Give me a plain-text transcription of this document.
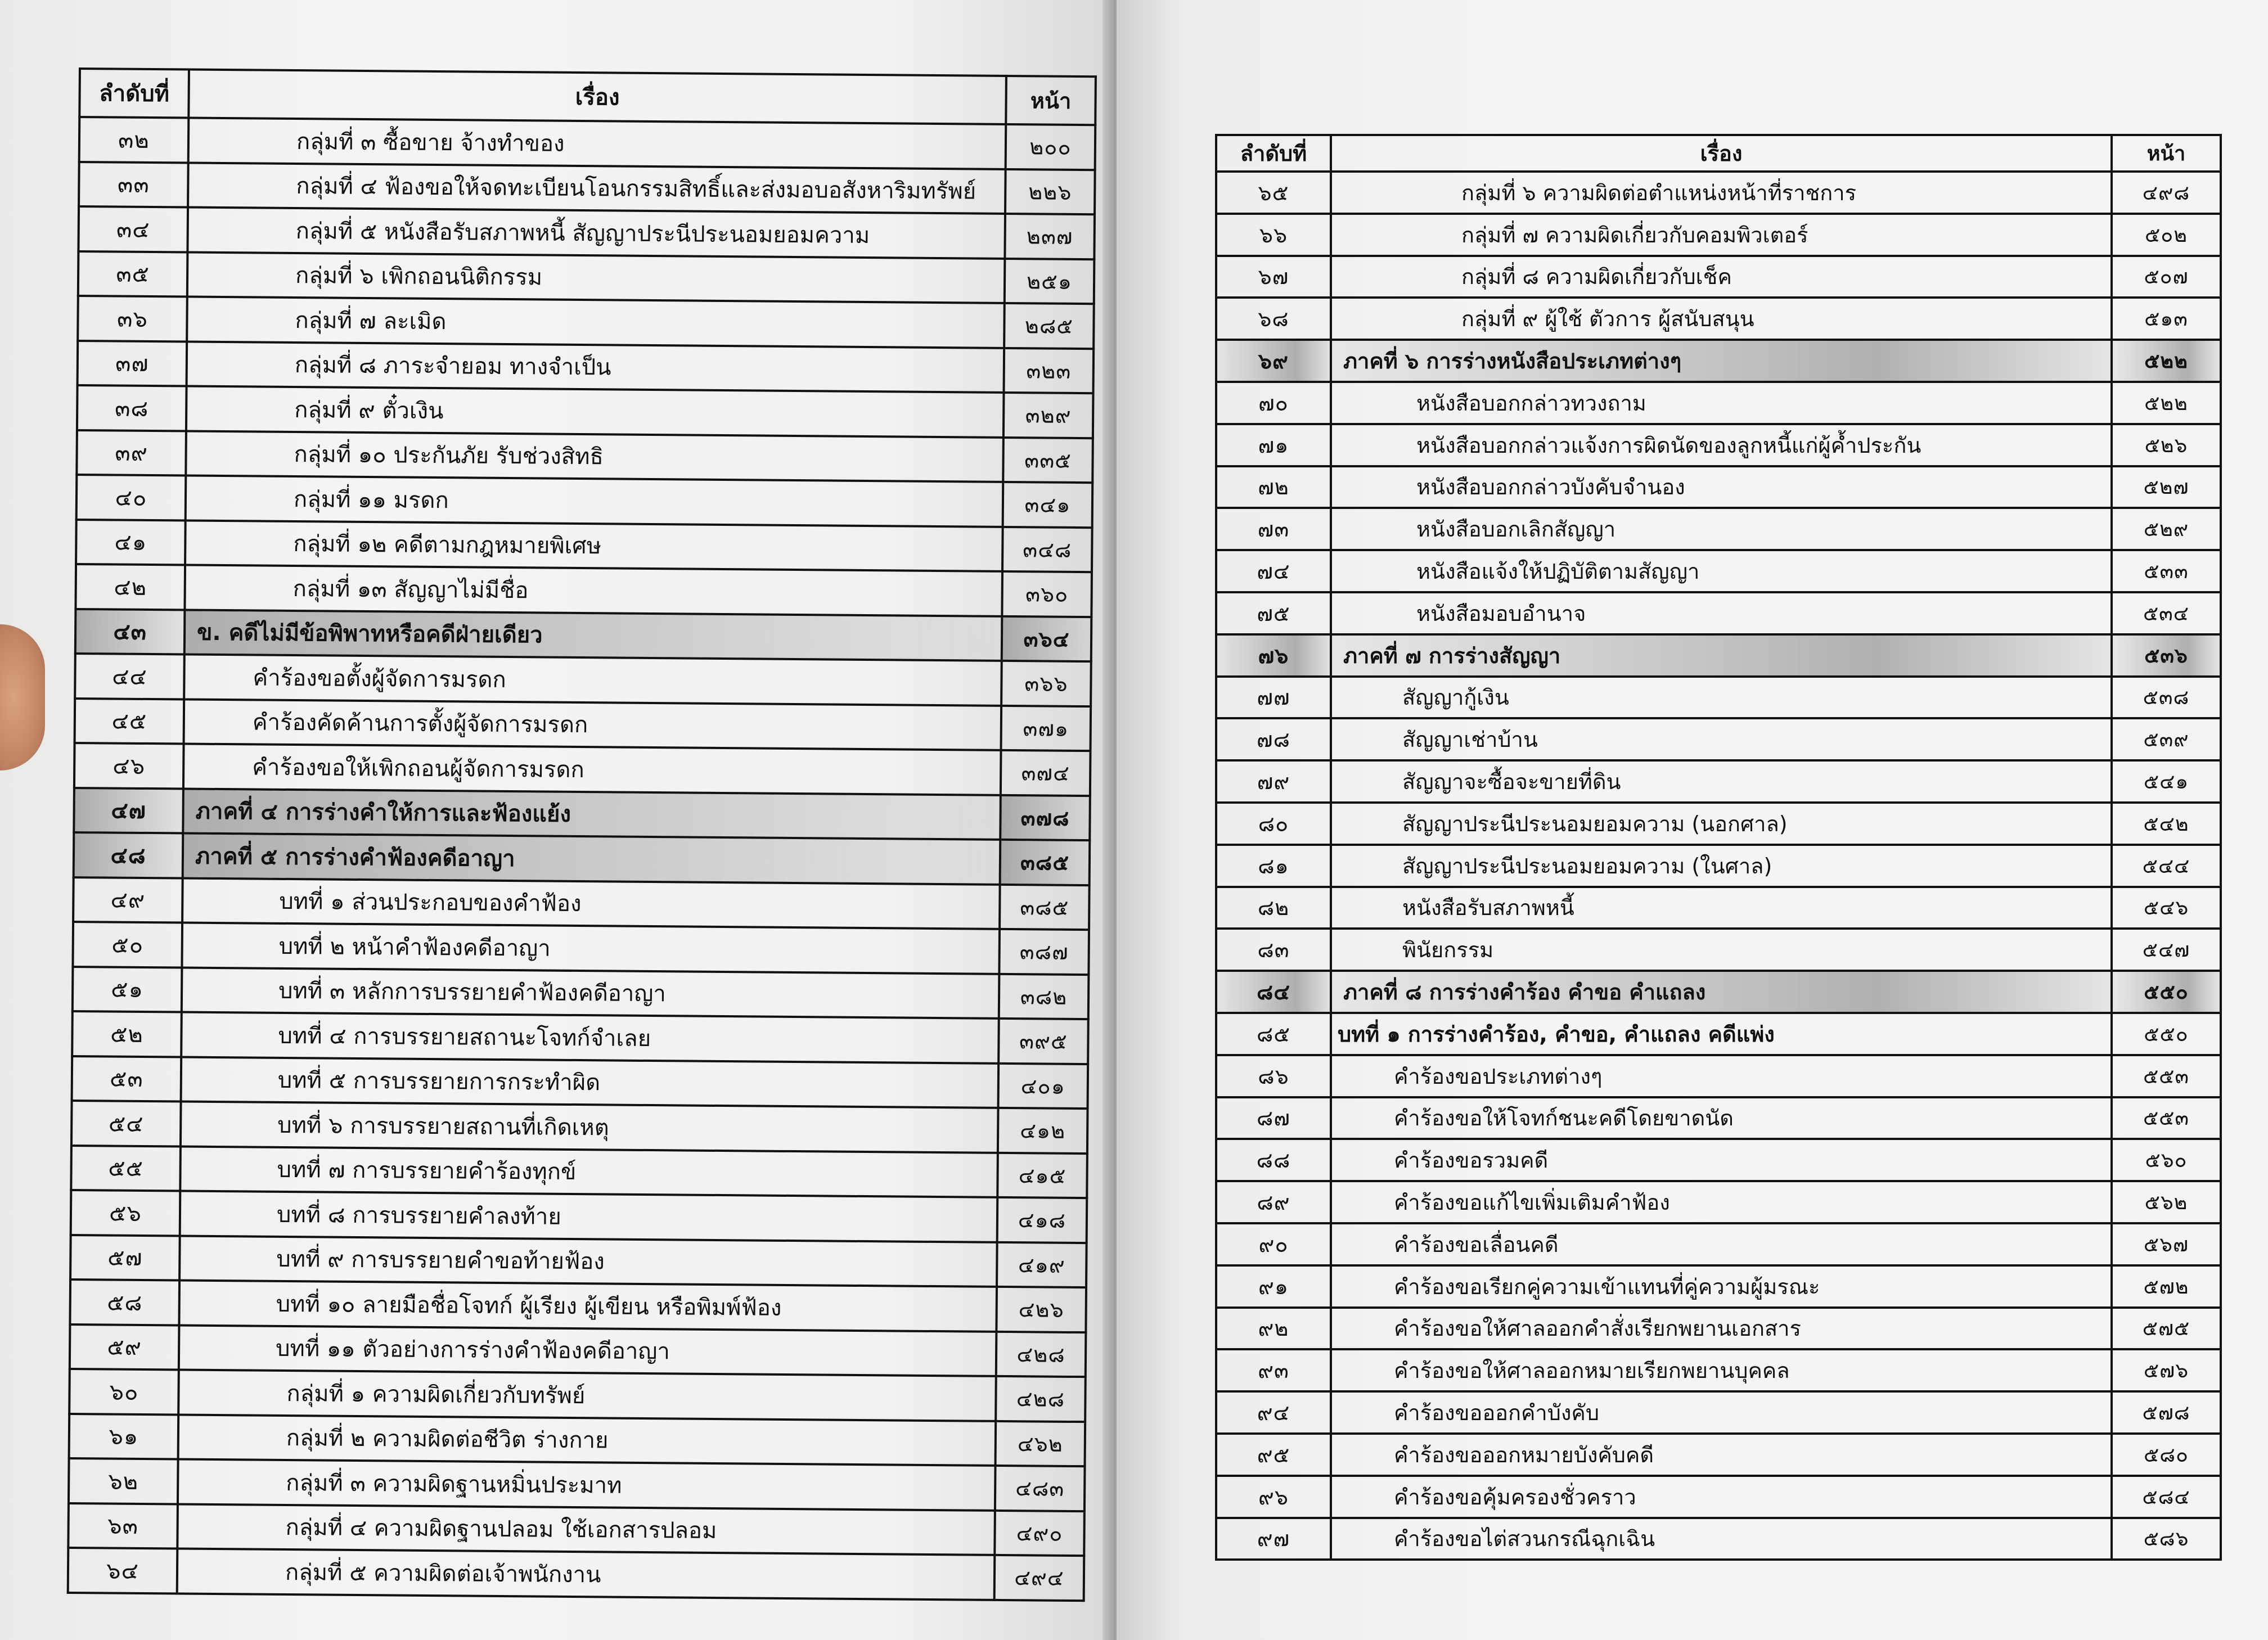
ลำดับที่	เรื่อง	หน้า
๓๒	กลุ่มที่ ๓ ซื้อขาย จ้างทำของ	๒๐๐
๓๓	กลุ่มที่ ๔ ฟ้องขอให้จดทะเบียนโอนกรรมสิทธิ์และส่งมอบอสังหาริมทรัพย์	๒๒๖
๓๔	กลุ่มที่ ๕ หนังสือรับสภาพหนี้ สัญญาประนีประนอมยอมความ	๒๓๗
๓๕	กลุ่มที่ ๖ เพิกถอนนิติกรรม	๒๕๑
๓๖	กลุ่มที่ ๗ ละเมิด	๒๘๕
๓๗	กลุ่มที่ ๘ ภาระจำยอม ทางจำเป็น	๓๒๓
๓๘	กลุ่มที่ ๙ ตั๋วเงิน	๓๒๙
๓๙	กลุ่มที่ ๑๐ ประกันภัย รับช่วงสิทธิ	๓๓๕
๔๐	กลุ่มที่ ๑๑ มรดก	๓๔๑
๔๑	กลุ่มที่ ๑๒ คดีตามกฎหมายพิเศษ	๓๔๘
๔๒	กลุ่มที่ ๑๓ สัญญาไม่มีชื่อ	๓๖๐
๔๓	ข. คดีไม่มีข้อพิพาทหรือคดีฝ่ายเดียว	๓๖๔
๔๔	คำร้องขอตั้งผู้จัดการมรดก	๓๖๖
๔๕	คำร้องคัดค้านการตั้งผู้จัดการมรดก	๓๗๑
๔๖	คำร้องขอให้เพิกถอนผู้จัดการมรดก	๓๗๔
๔๗	ภาคที่ ๔ การร่างคำให้การและฟ้องแย้ง	๓๗๘
๔๘	ภาคที่ ๕ การร่างคำฟ้องคดีอาญา	๓๘๕
๔๙	บทที่ ๑ ส่วนประกอบของคำฟ้อง	๓๘๕
๕๐	บทที่ ๒ หน้าคำฟ้องคดีอาญา	๓๘๗
๕๑	บทที่ ๓ หลักการบรรยายคำฟ้องคดีอาญา	๓๘๒
๕๒	บทที่ ๔ การบรรยายสถานะโจทก์จำเลย	๓๙๕
๕๓	บทที่ ๕ การบรรยายการกระทำผิด	๔๐๑
๕๔	บทที่ ๖ การบรรยายสถานที่เกิดเหตุ	๔๑๒
๕๕	บทที่ ๗ การบรรยายคำร้องทุกข์	๔๑๕
๕๖	บทที่ ๘ การบรรยายคำลงท้าย	๔๑๘
๕๗	บทที่ ๙ การบรรยายคำขอท้ายฟ้อง	๔๑๙
๕๘	บทที่ ๑๐ ลายมือชื่อโจทก์ ผู้เรียง ผู้เขียน หรือพิมพ์ฟ้อง	๔๒๖
๕๙	บทที่ ๑๑ ตัวอย่างการร่างคำฟ้องคดีอาญา	๔๒๘
๖๐	กลุ่มที่ ๑ ความผิดเกี่ยวกับทรัพย์	๔๒๘
๖๑	กลุ่มที่ ๒ ความผิดต่อชีวิต ร่างกาย	๔๖๒
๖๒	กลุ่มที่ ๓ ความผิดฐานหมิ่นประมาท	๔๘๓
๖๓	กลุ่มที่ ๔ ความผิดฐานปลอม ใช้เอกสารปลอม	๔๙๐
๖๔	กลุ่มที่ ๕ ความผิดต่อเจ้าพนักงาน	๔๙๔
ลำดับที่	เรื่อง	หน้า
๖๕	กลุ่มที่ ๖ ความผิดต่อตำแหน่งหน้าที่ราชการ	๔๙๘
๖๖	กลุ่มที่ ๗ ความผิดเกี่ยวกับคอมพิวเตอร์	๕๐๒
๖๗	กลุ่มที่ ๘ ความผิดเกี่ยวกับเช็ค	๕๐๗
๖๘	กลุ่มที่ ๙ ผู้ใช้ ตัวการ ผู้สนับสนุน	๕๑๓
๖๙	ภาคที่ ๖ การร่างหนังสือประเภทต่างๆ	๕๒๒
๗๐	หนังสือบอกกล่าวทวงถาม	๕๒๒
๗๑	หนังสือบอกกล่าวแจ้งการผิดนัดของลูกหนี้แก่ผู้ค้ำประกัน	๕๒๖
๗๒	หนังสือบอกกล่าวบังคับจำนอง	๕๒๗
๗๓	หนังสือบอกเลิกสัญญา	๕๒๙
๗๔	หนังสือแจ้งให้ปฏิบัติตามสัญญา	๕๓๓
๗๕	หนังสือมอบอำนาจ	๕๓๔
๗๖	ภาคที่ ๗ การร่างสัญญา	๕๓๖
๗๗	สัญญากู้เงิน	๕๓๘
๗๘	สัญญาเช่าบ้าน	๕๓๙
๗๙	สัญญาจะซื้อจะขายที่ดิน	๕๔๑
๘๐	สัญญาประนีประนอมยอมความ (นอกศาล)	๕๔๒
๘๑	สัญญาประนีประนอมยอมความ (ในศาล)	๕๔๔
๘๒	หนังสือรับสภาพหนี้	๕๔๖
๘๓	พินัยกรรม	๕๔๗
๘๔	ภาคที่ ๘ การร่างคำร้อง คำขอ คำแถลง	๕๕๐
๘๕	บทที่ ๑ การร่างคำร้อง, คำขอ, คำแถลง คดีแพ่ง	๕๕๐
๘๖	คำร้องขอประเภทต่างๆ	๕๕๓
๘๗	คำร้องขอให้โจทก์ชนะคดีโดยขาดนัด	๕๕๓
๘๘	คำร้องขอรวมคดี	๕๖๐
๘๙	คำร้องขอแก้ไขเพิ่มเติมคำฟ้อง	๕๖๒
๙๐	คำร้องขอเลื่อนคดี	๕๖๗
๙๑	คำร้องขอเรียกคู่ความเข้าแทนที่คู่ความผู้มรณะ	๕๗๒
๙๒	คำร้องขอให้ศาลออกคำสั่งเรียกพยานเอกสาร	๕๗๕
๙๓	คำร้องขอให้ศาลออกหมายเรียกพยานบุคคล	๕๗๖
๙๔	คำร้องขอออกคำบังคับ	๕๗๘
๙๕	คำร้องขอออกหมายบังคับคดี	๕๘๐
๙๖	คำร้องขอคุ้มครองชั่วคราว	๕๘๔
๙๗	คำร้องขอไต่สวนกรณีฉุกเฉิน	๕๘๖
